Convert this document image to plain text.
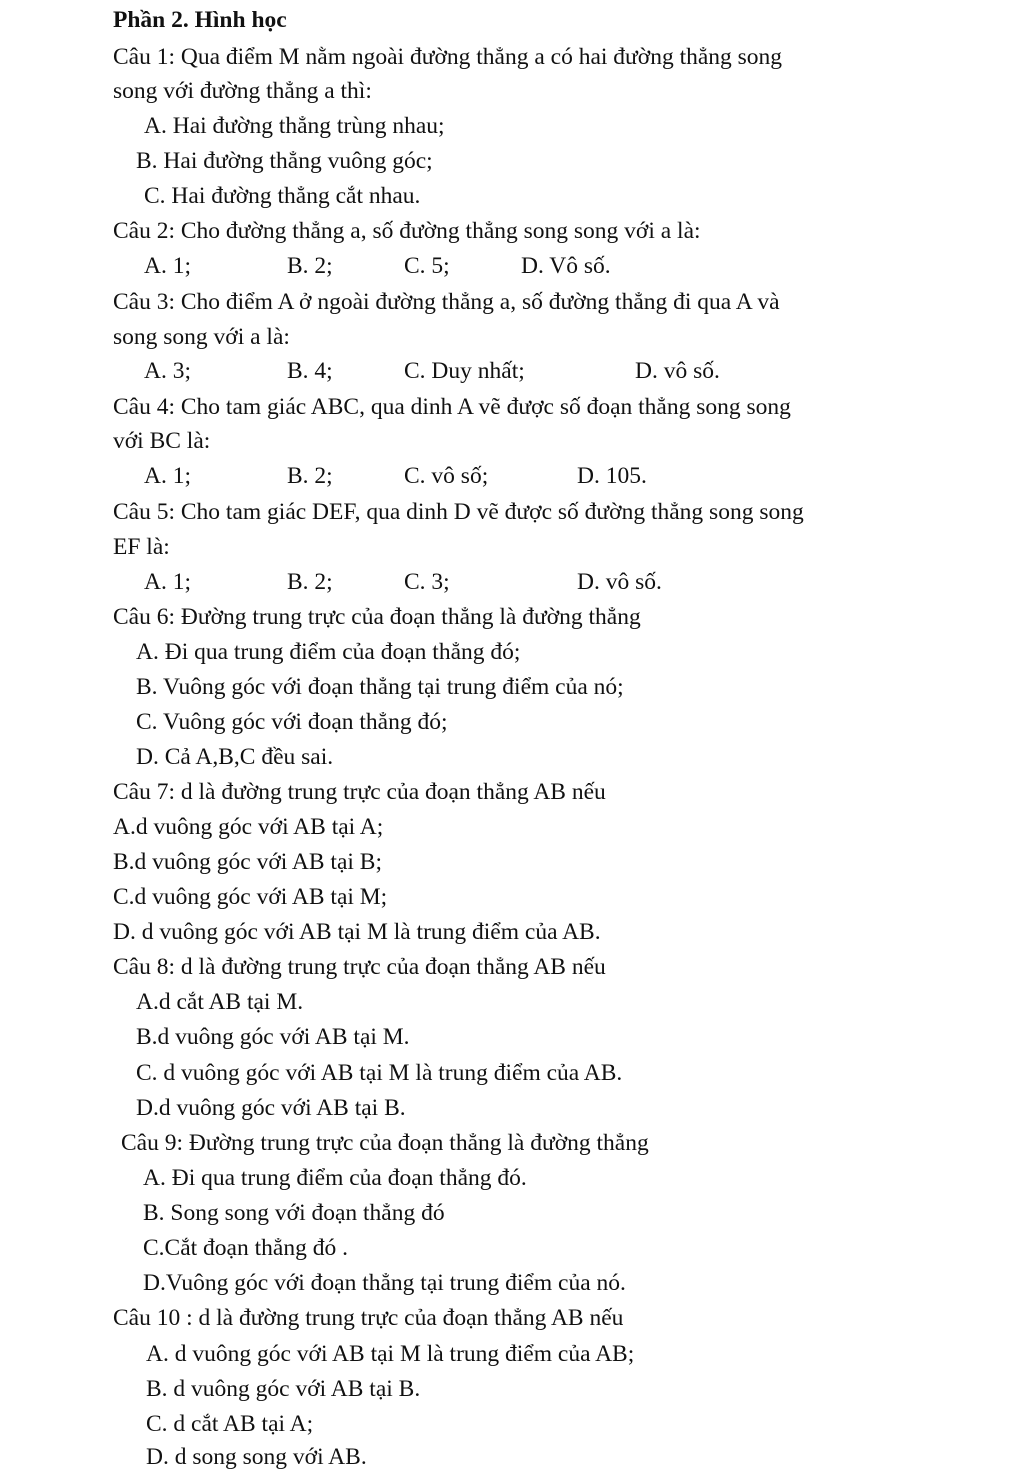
Phần 2. Hình học
Câu 1: Qua điểm M nằm ngoài đường thẳng a có hai đường thẳng song
song với đường thẳng a thì:
A. Hai đường thẳng trùng nhau;
B. Hai đường thẳng vuông góc;
C. Hai đường thẳng cắt nhau.
Câu 2: Cho đường thẳng a, số đường thẳng song song với a là:
A. 1;	B. 2;	C. 5;	D. Vô số.
Câu 3: Cho điểm A ở ngoài đường thẳng a, số đường thẳng đi qua A và
song song với a là:
A. 3;	B. 4;	C. Duy nhất;	D. vô số.
Câu 4: Cho tam giác ABC, qua dinh A vẽ được số đoạn thẳng song song
với BC là:
A. 1;	B. 2;	C. vô số;	D. 105.
Câu 5: Cho tam giác DEF, qua dinh D vẽ được số đường thẳng song song
EF là:
A. 1;	B. 2;	C. 3;	D. vô số.
Câu 6: Đường trung trực của đoạn thẳng là đường thẳng
A. Đi qua trung điểm của đoạn thẳng đó;
B. Vuông góc với đoạn thẳng tại trung điểm của nó;
C. Vuông góc với đoạn thẳng đó;
D. Cả A,B,C đều sai.
Câu 7: d là đường trung trực của đoạn thẳng AB nếu
A.d vuông góc với AB tại A;
B.d vuông góc với AB tại B;
C.d vuông góc với AB tại M;
D. d vuông góc với AB tại M là trung điểm của AB.
Câu 8: d là đường trung trực của đoạn thẳng AB nếu
A.d cắt AB tại M.
B.d vuông góc với AB tại M.
C. d vuông góc với AB tại M là trung điểm của AB.
D.d vuông góc với AB tại B.
Câu 9: Đường trung trực của đoạn thẳng là đường thẳng
A. Đi qua trung điểm của đoạn thẳng đó.
B. Song song với đoạn thẳng đó
C.Cắt đoạn thẳng đó .
D.Vuông góc với đoạn thẳng tại trung điểm của nó.
Câu 10 : d là đường trung trực của đoạn thẳng AB nếu
A. d vuông góc với AB tại M là trung điểm của AB;
B. d vuông góc với AB tại B.
C. d cắt AB tại A;
D. d song song với AB.
